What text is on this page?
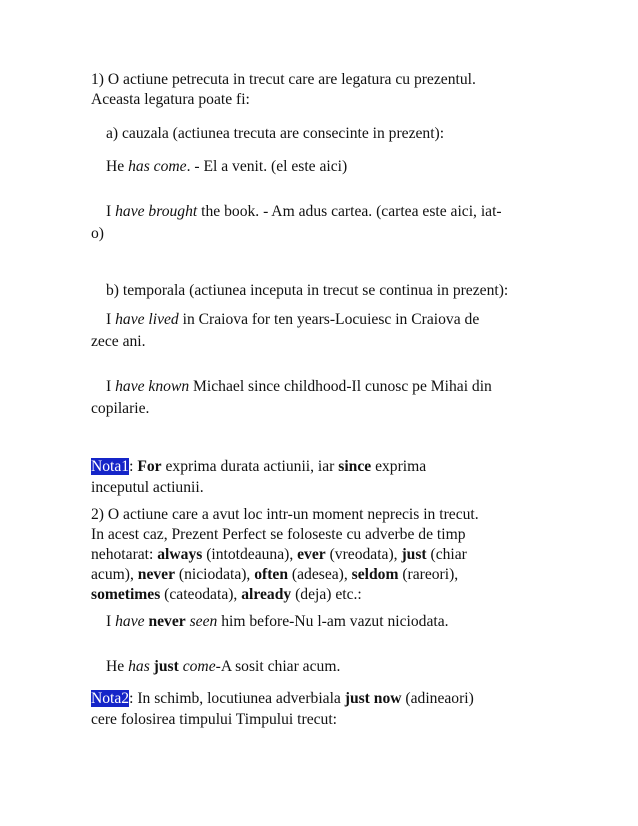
1) O actiune petrecuta in trecut care are legatura cu prezentul.
Aceasta legatura poate fi:
a) cauzala (actiunea trecuta are consecinte in prezent):
He has come. - El a venit. (el este aici)
I have brought the book. - Am adus cartea. (cartea este aici, iat-
o)
b) temporala (actiunea inceputa in trecut se continua in prezent):
I have lived in Craiova for ten years-Locuiesc in Craiova de
zece ani.
I have known Michael since childhood-Il cunosc pe Mihai din
copilarie.
Nota1: For exprima durata actiunii, iar since exprima
inceputul actiunii.
2) O actiune care a avut loc intr-un moment neprecis in trecut.
In acest caz, Prezent Perfect se foloseste cu adverbe de timp
nehotarat: always (intotdeauna), ever (vreodata), just (chiar
acum), never (niciodata), often (adesea), seldom (rareori),
sometimes (cateodata), already (deja) etc.:
I have never seen him before-Nu l-am vazut niciodata.
He has just come-A sosit chiar acum.
Nota2: In schimb, locutiunea adverbiala just now (adineaori)
cere folosirea timpului Timpului trecut:
